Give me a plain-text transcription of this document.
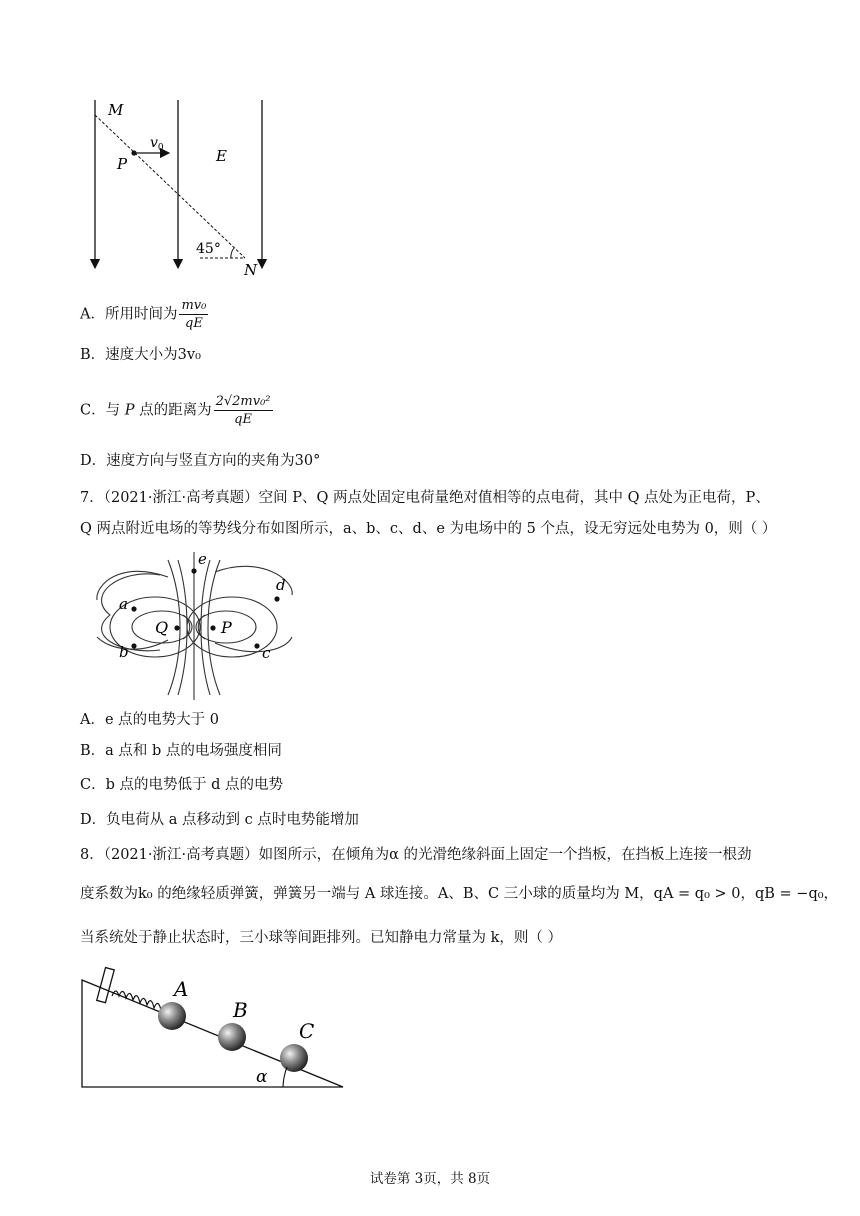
M
P
$v_0$	E
45°
N
A．所用时间为 $\frac{\text{mv₀}}{qE}$
B．速度大小为3v₀
C．与 P 点的距离为 $\frac{\text{2√2mv₀²}}{qE}$
D．速度方向与竖直方向的夹角为30°
7．（2021·浙江·高考真题）空间 P、Q 两点处固定电荷量绝对值相等的点电荷，其中 Q 点处为正电荷，P、
Q 两点附近电场的等势线分布如图所示，a、b、c、d、e 为电场中的 5 个点，设无穷远处电势为 0，则（ ）
e
d
a
Q	P
b	c
A．e 点的电势大于 0
B．a 点和 b 点的电场强度相同
C．b 点的电势低于 d 点的电势
D．负电荷从 a 点移动到 c 点时电势能增加
8．（2021·浙江·高考真题）如图所示，在倾角为α 的光滑绝缘斜面上固定一个挡板，在挡板上连接一根劲
度系数为k₀ 的绝缘轻质弹簧，弹簧另一端与 A 球连接。A、B、C 三小球的质量均为 M，qA = q₀ > 0，qB = −q₀，
当系统处于静止状态时，三小球等间距排列。已知静电力常量为 k，则（ ）
A
B
C
α
试卷第 3页，共 8页
